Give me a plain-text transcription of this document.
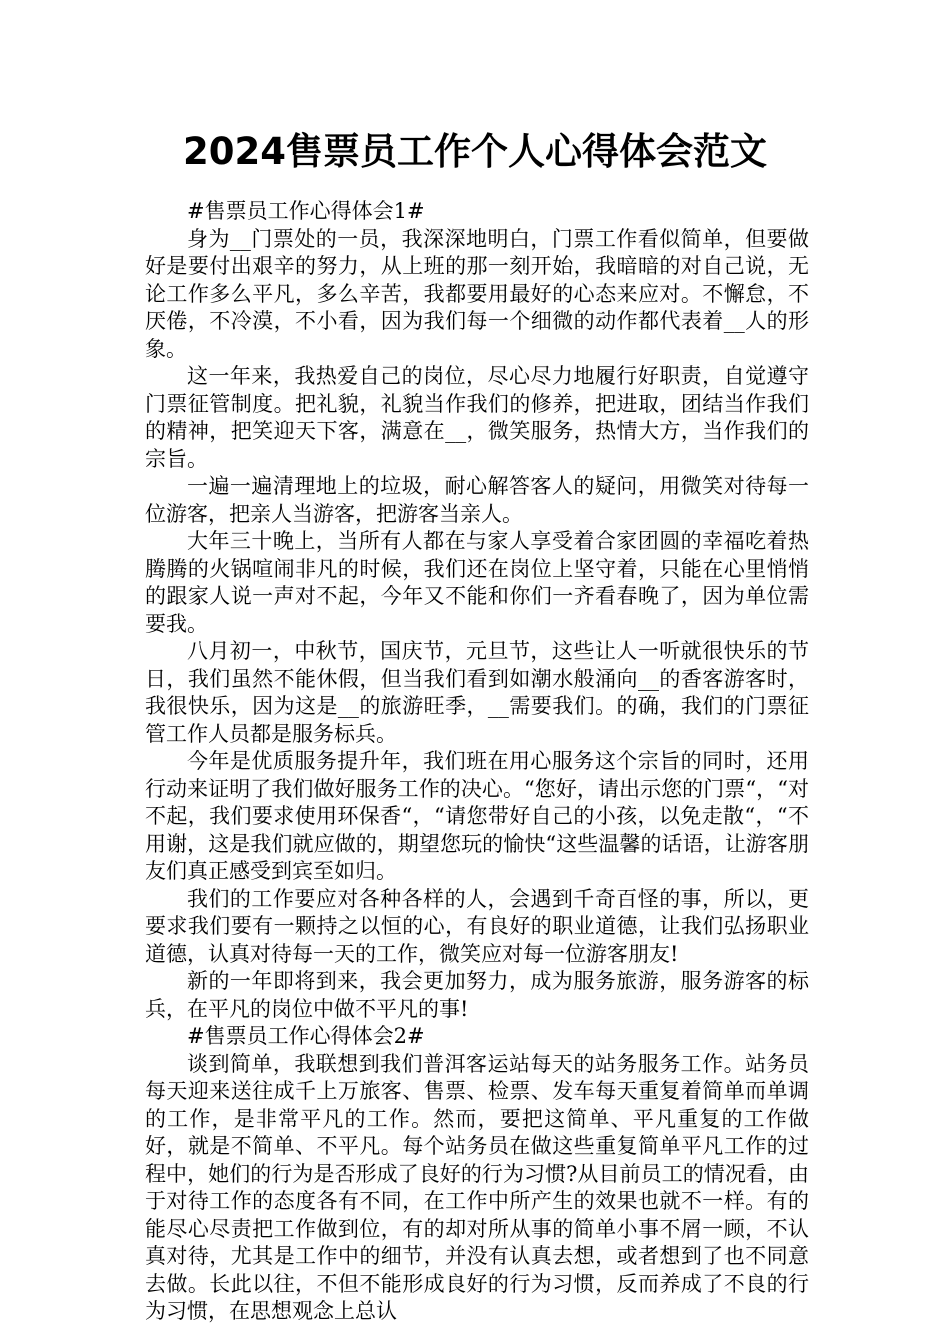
2024售票员工作个人心得体会范文

#售票员工作心得体会1#

身为__门票处的一员，我深深地明白，门票工作看似简单，但要做好是要付出艰辛的努力，从上班的那一刻开始，我暗暗的对自己说，无论工作多么平凡，多么辛苦，我都要用最好的心态来应对。不懈怠，不厌倦，不冷漠，不小看，因为我们每一个细微的动作都代表着__人的形象。

这一年来，我热爱自己的岗位，尽心尽力地履行好职责，自觉遵守门票征管制度。把礼貌，礼貌当作我们的修养，把进取，团结当作我们的精神，把笑迎天下客，满意在__，微笑服务，热情大方，当作我们的宗旨。

一遍一遍清理地上的垃圾，耐心解答客人的疑问，用微笑对待每一位游客，把亲人当游客，把游客当亲人。

大年三十晚上，当所有人都在与家人享受着合家团圆的幸福吃着热腾腾的火锅喧闹非凡的时候，我们还在岗位上坚守着，只能在心里悄悄的跟家人说一声对不起，今年又不能和你们一齐看春晚了，因为单位需要我。

八月初一，中秋节，国庆节，元旦节，这些让人一听就很快乐的节日，我们虽然不能休假，但当我们看到如潮水般涌向__的香客游客时，我很快乐，因为这是__的旅游旺季，__需要我们。的确，我们的门票征管工作人员都是服务标兵。

今年是优质服务提升年，我们班在用心服务这个宗旨的同时，还用行动来证明了我们做好服务工作的决心。“您好，请出示您的门票“，“对不起，我们要求使用环保香“，“请您带好自己的小孩，以免走散“，“不用谢，这是我们就应做的，期望您玩的愉快“这些温馨的话语，让游客朋友们真正感受到宾至如归。

我们的工作要应对各种各样的人，会遇到千奇百怪的事，所以，更要求我们要有一颗持之以恒的心，有良好的职业道德，让我们弘扬职业道德，认真对待每一天的工作，微笑应对每一位游客朋友!

新的一年即将到来，我会更加努力，成为服务旅游，服务游客的标兵，在平凡的岗位中做不平凡的事!

#售票员工作心得体会2#

谈到简单，我联想到我们普洱客运站每天的站务服务工作。站务员每天迎来送往成千上万旅客、售票、检票、发车每天重复着简单而单调的工作，是非常平凡的工作。然而，要把这简单、平凡重复的工作做好，就是不简单、不平凡。每个站务员在做这些重复简单平凡工作的过程中，她们的行为是否形成了良好的行为习惯?从目前员工的情况看，由于对待工作的态度各有不同，在工作中所产生的效果也就不一样。有的能尽心尽责把工作做到位，有的却对所从事的简单小事不屑一顾，不认真对待，尤其是工作中的细节，并没有认真去想，或者想到了也不同意去做。长此以往，不但不能形成良好的行为习惯，反而养成了不良的行为习惯，在思想观念上总认
